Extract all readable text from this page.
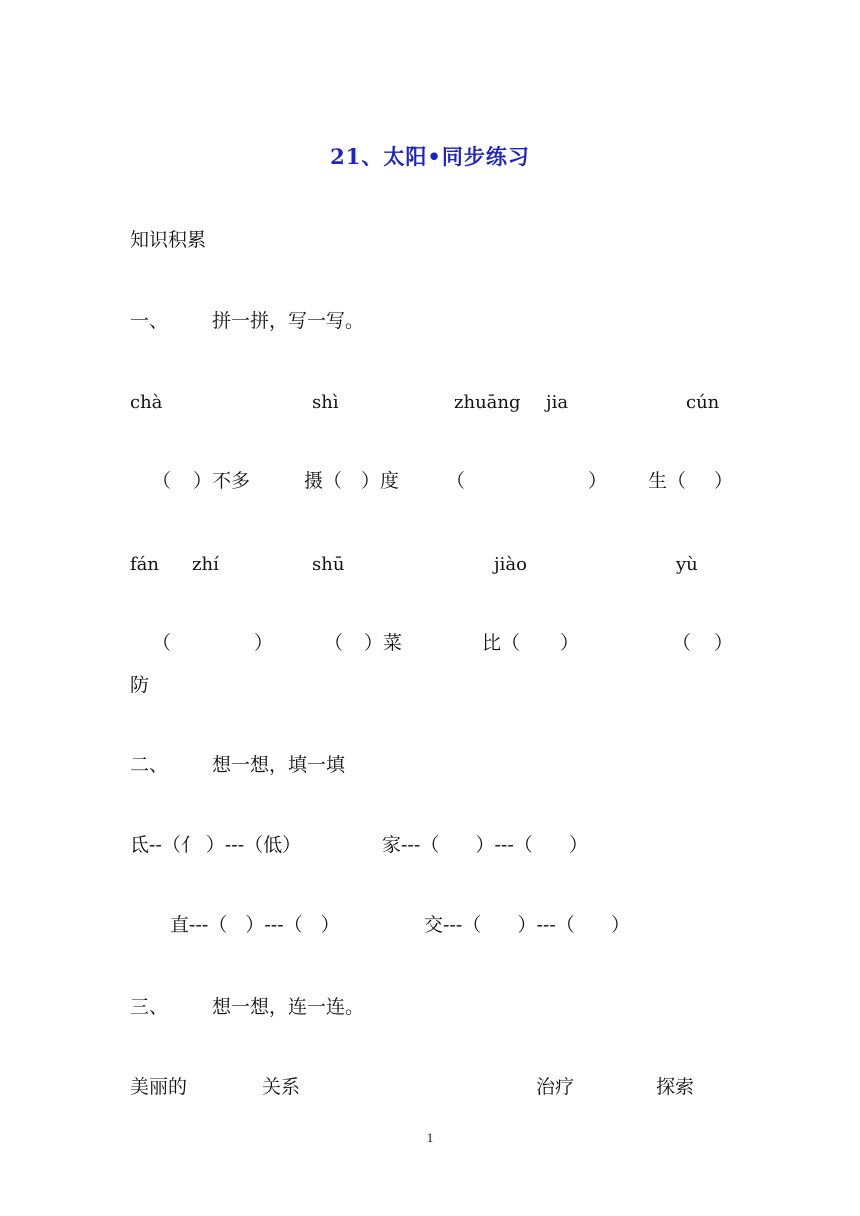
21、太阳•同步练习
知识积累
一、 拼一拼，写一写。
chà	shì	zhuāng jia	cún
（ ）不多	摄（ ）度 （	） 生（ ）
fán zhí	shū	jiào	yù
（	）	（ ）菜	比（ ）	（ ）
防
二、 想一想，填一填
氐--（亻 ）---（低）	家---（      ）---（      ）
直---（   ）---（   ）	交---（      ）---（      ）
三、 想一想，连一连。
美丽的	关系	治疗	探索
1
